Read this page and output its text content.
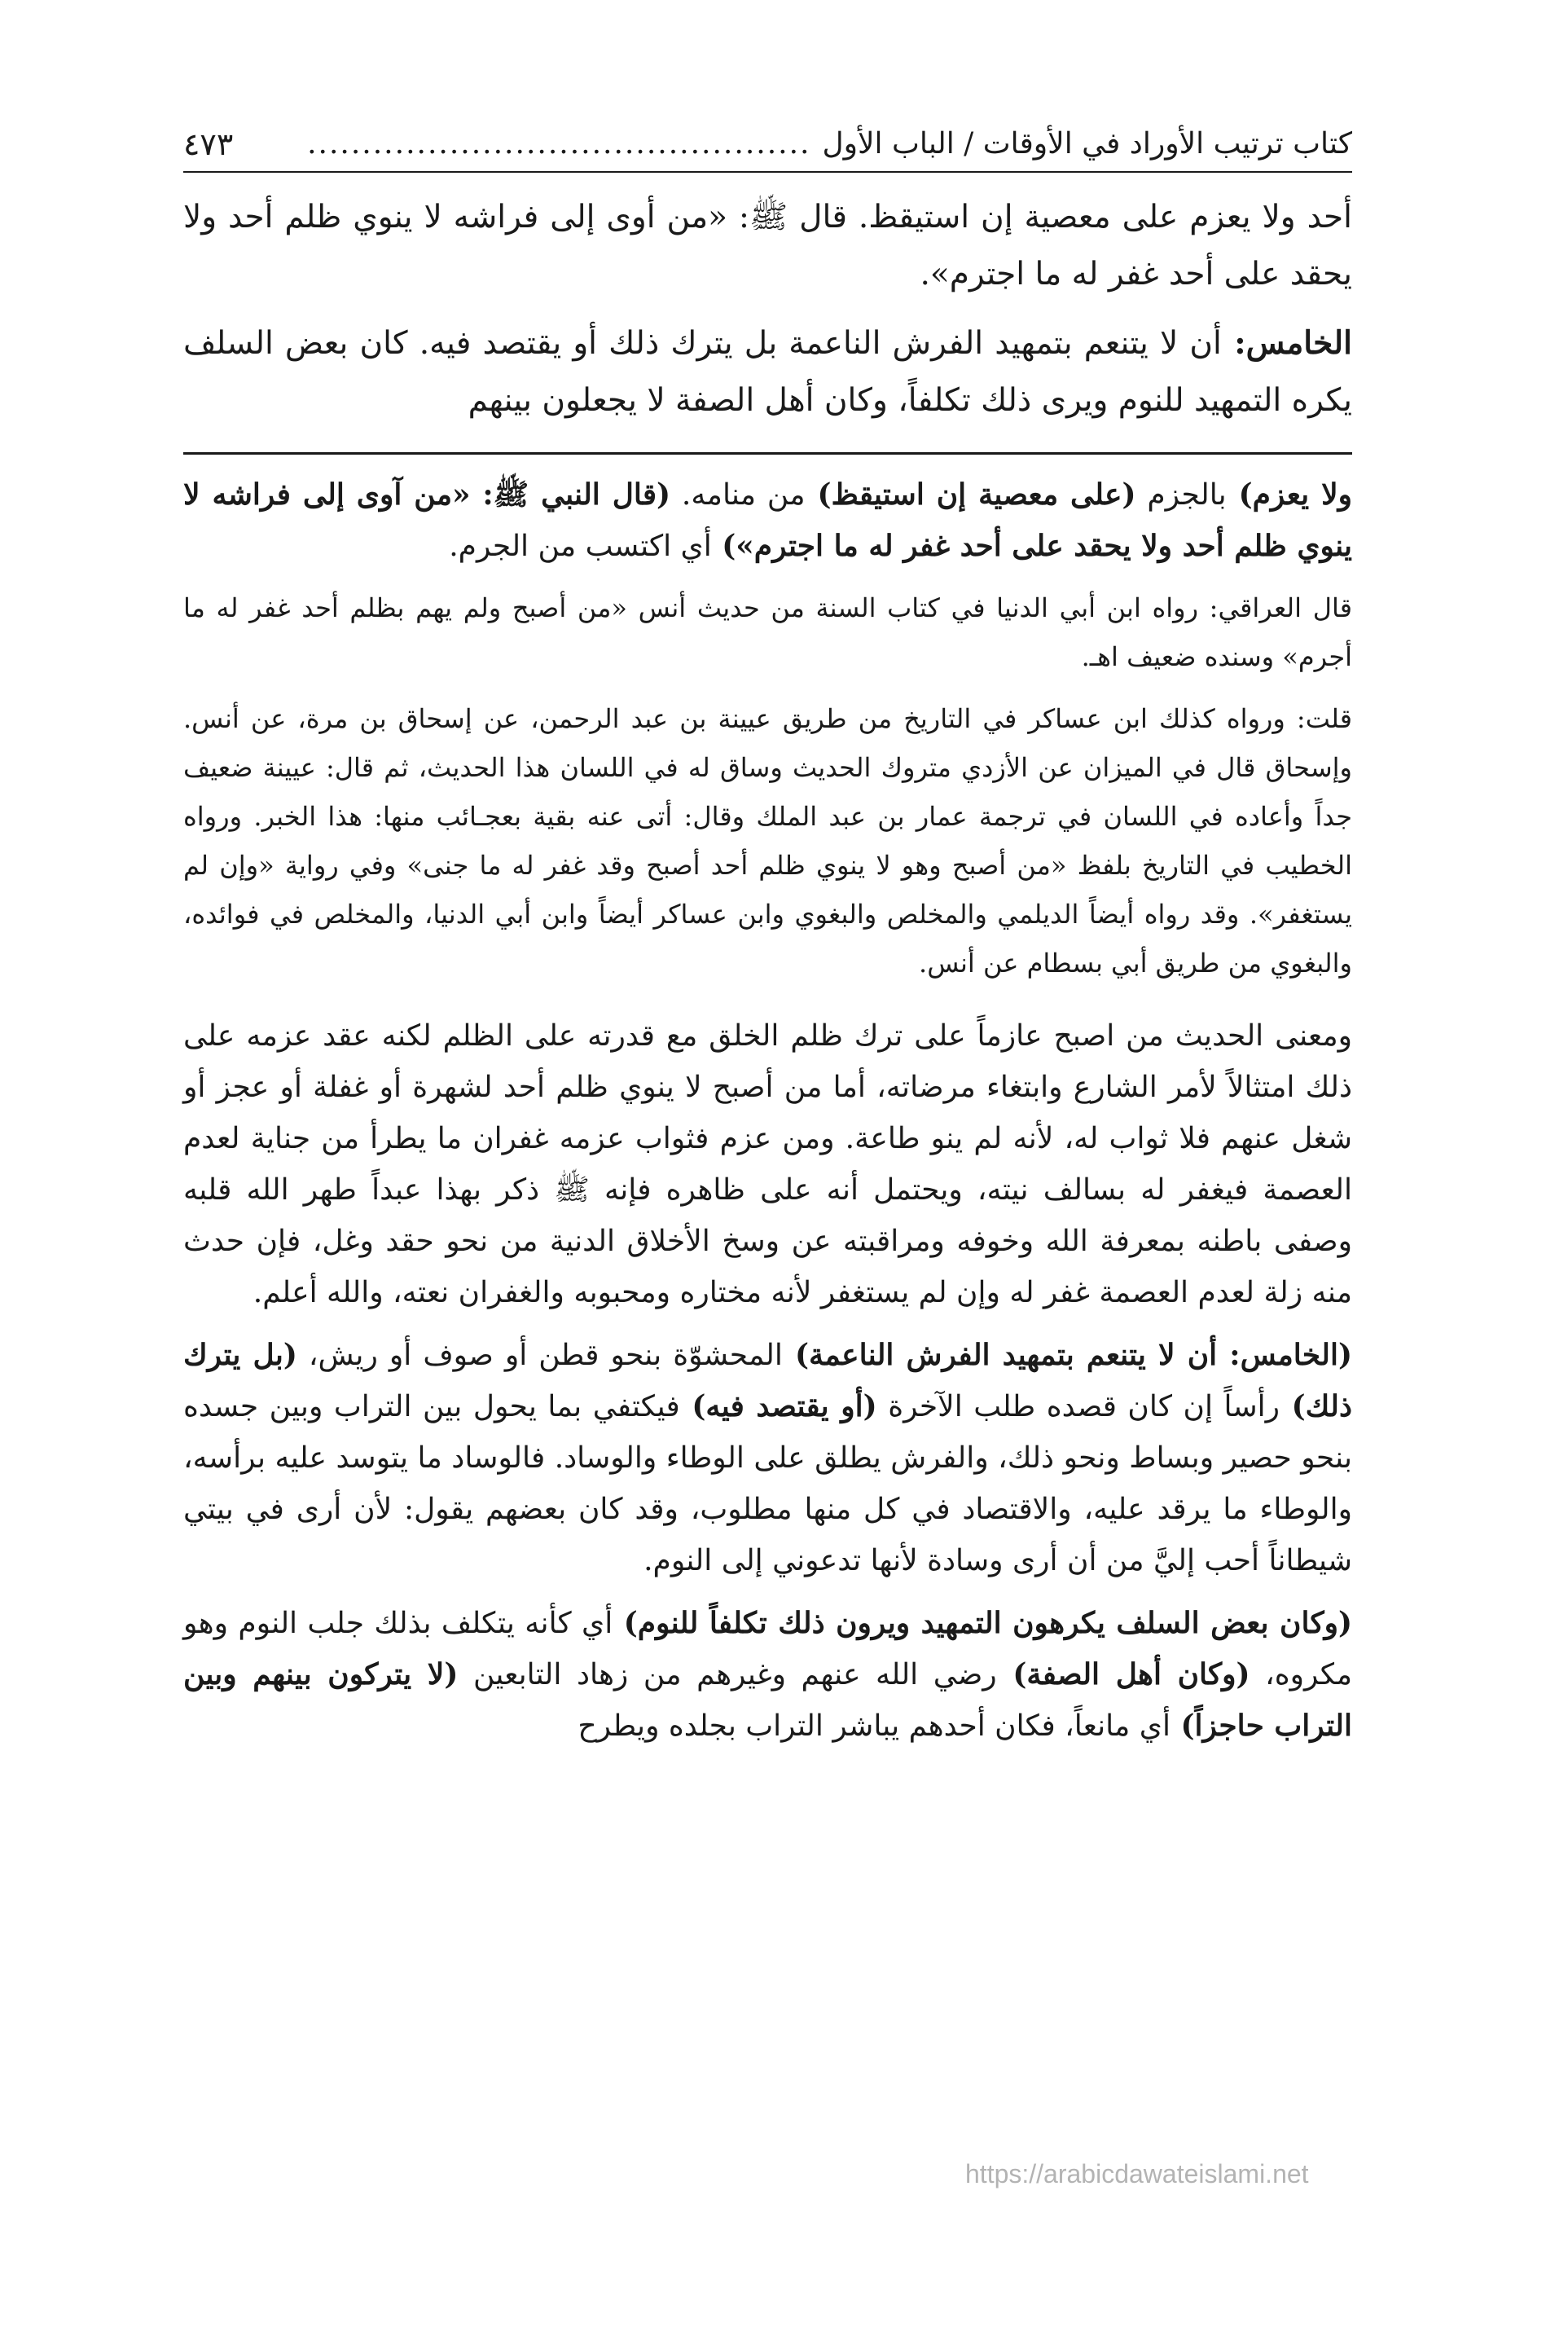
كتاب ترتيب الأوراد في الأوقات / الباب الأول
..............................................
٤٧٣

أحد ولا يعزم على معصية إن استيقظ. قال ﷺ: «من أوى إلى فراشه لا ينوي ظلم أحد ولا يحقد على أحد غفر له ما اجترم».

الخامس: أن لا يتنعم بتمهيد الفرش الناعمة بل يترك ذلك أو يقتصد فيه. كان بعض السلف يكره التمهيد للنوم ويرى ذلك تكلفاً، وكان أهل الصفة لا يجعلون بينهم

ولا يعزم) بالجزم (على معصية إن استيقظ) من منامه. (قال النبي ﷺ: «من آوى إلى فراشه لا ينوي ظلم أحد ولا يحقد على أحد غفر له ما اجترم») أي اكتسب من الجرم.

قال العراقي: رواه ابن أبي الدنيا في كتاب السنة من حديث أنس «من أصبح ولم يهم بظلم أحد غفر له ما أجرم» وسنده ضعيف اهـ.

قلت: ورواه كذلك ابن عساكر في التاريخ من طريق عيينة بن عبد الرحمن، عن إسحاق بن مرة، عن أنس. وإسحاق قال في الميزان عن الأزدي متروك الحديث وساق له في اللسان هذا الحديث، ثم قال: عيينة ضعيف جداً وأعاده في اللسان في ترجمة عمار بن عبد الملك وقال: أتى عنه بقية بعجـائب منها: هذا الخبر. ورواه الخطيب في التاريخ بلفظ «من أصبح وهو لا ينوي ظلم أحد أصبح وقد غفر له ما جنى» وفي رواية «وإن لم يستغفر». وقد رواه أيضاً الديلمي والمخلص والبغوي وابن عساكر أيضاً وابن أبي الدنيا، والمخلص في فوائده، والبغوي من طريق أبي بسطام عن أنس.

ومعنى الحديث من اصبح عازماً على ترك ظلم الخلق مع قدرته على الظلم لكنه عقد عزمه على ذلك امتثالاً لأمر الشارع وابتغاء مرضاته، أما من أصبح لا ينوي ظلم أحد لشهرة أو غفلة أو عجز أو شغل عنهم فلا ثواب له، لأنه لم ينو طاعة. ومن عزم فثواب عزمه غفران ما يطرأ من جناية لعدم العصمة فيغفر له بسالف نيته، ويحتمل أنه على ظاهره فإنه ﷺ ذكر بهذا عبداً طهر الله قلبه وصفى باطنه بمعرفة الله وخوفه ومراقبته عن وسخ الأخلاق الدنية من نحو حقد وغل، فإن حدث منه زلة لعدم العصمة غفر له وإن لم يستغفر لأنه مختاره ومحبوبه والغفران نعته، والله أعلم.

(الخامس: أن لا يتنعم بتمهيد الفرش الناعمة) المحشوّة بنحو قطن أو صوف أو ريش، (بل يترك ذلك) رأساً إن كان قصده طلب الآخرة (أو يقتصد فيه) فيكتفي بما يحول بين التراب وبين جسده بنحو حصير وبساط ونحو ذلك، والفرش يطلق على الوطاء والوساد. فالوساد ما يتوسد عليه برأسه، والوطاء ما يرقد عليه، والاقتصاد في كل منها مطلوب، وقد كان بعضهم يقول: لأن أرى في بيتي شيطاناً أحب إليَّ من أن أرى وسادة لأنها تدعوني إلى النوم.

(وكان بعض السلف يكرهون التمهيد ويرون ذلك تكلفاً للنوم) أي كأنه يتكلف بذلك جلب النوم وهو مكروه، (وكان أهل الصفة) رضي الله عنهم وغيرهم من زهاد التابعين (لا يتركون بينهم وبين التراب حاجزاً) أي مانعاً، فكان أحدهم يباشر التراب بجلده ويطرح

https://arabicdawateislami.net
